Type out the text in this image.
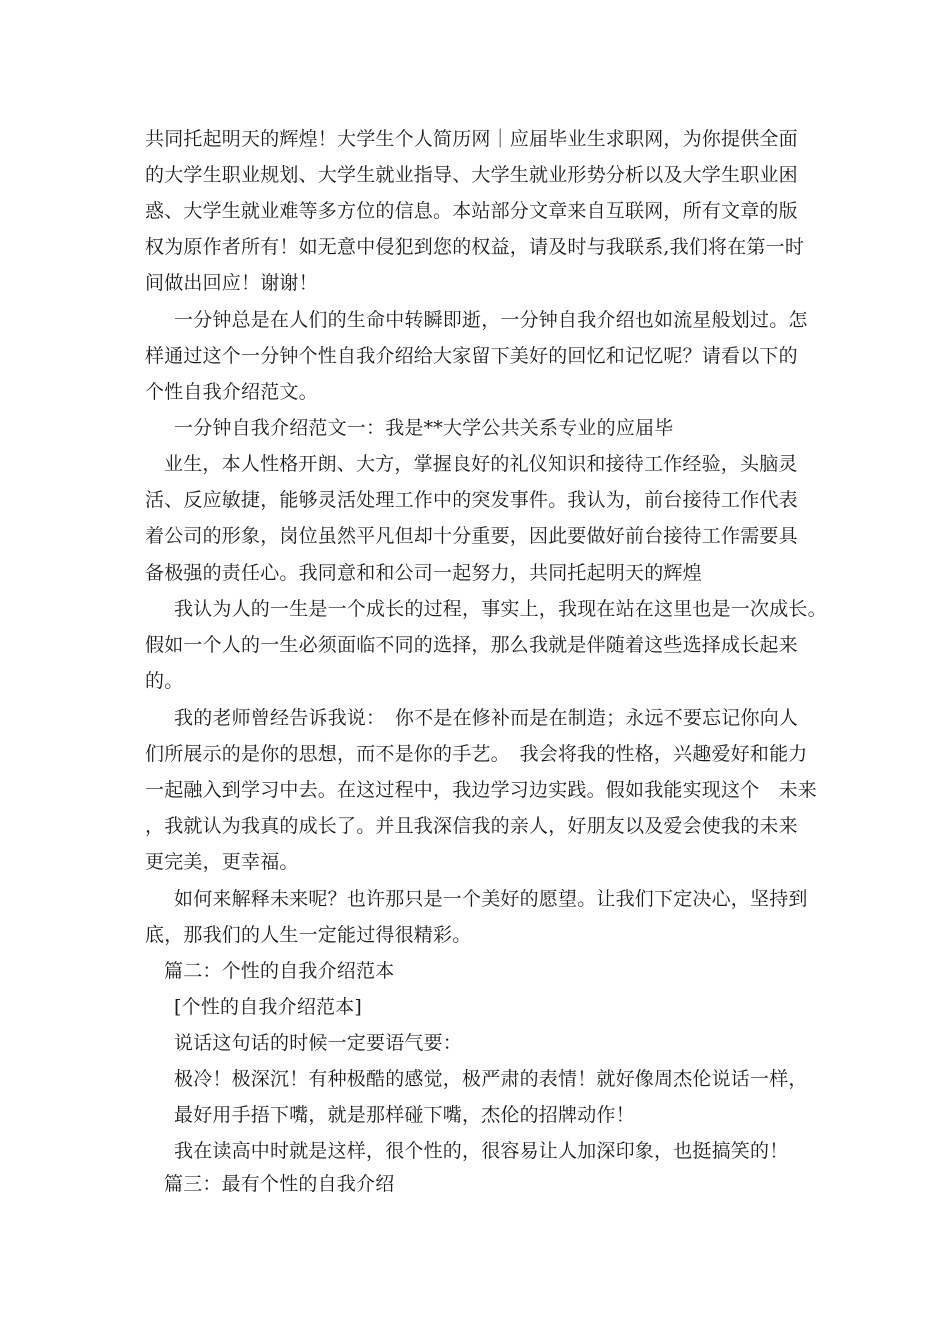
共同托起明天的辉煌！大学生个人简历网｜应届毕业生求职网，为你提供全面
的大学生职业规划、大学生就业指导、大学生就业形势分析以及大学生职业困
惑、大学生就业难等多方位的信息。本站部分文章来自互联网，所有文章的版
权为原作者所有！如无意中侵犯到您的权益，请及时与我联系,我们将在第一时
间做出回应！谢谢！
一分钟总是在人们的生命中转瞬即逝，一分钟自我介绍也如流星般划过。怎
样通过这个一分钟个性自我介绍给大家留下美好的回忆和记忆呢？请看以下的
个性自我介绍范文。
一分钟自我介绍范文一：我是**大学公共关系专业的应届毕
业生，本人性格开朗、大方，掌握良好的礼仪知识和接待工作经验，头脑灵
活、反应敏捷，能够灵活处理工作中的突发事件。我认为，前台接待工作代表
着公司的形象，岗位虽然平凡但却十分重要，因此要做好前台接待工作需要具
备极强的责任心。我同意和和公司一起努力，共同托起明天的辉煌
我认为人的一生是一个成长的过程，事实上，我现在站在这里也是一次成长。
假如一个人的一生必须面临不同的选择，那么我就是伴随着这些选择成长起来
的。
我的老师曾经告诉我说：　你不是在修补而是在制造；永远不要忘记你向人
们所展示的是你的思想，而不是你的手艺。　我会将我的性格，兴趣爱好和能力
一起融入到学习中去。在这过程中，我边学习边实践。假如我能实现这个　未来
，我就认为我真的成长了。并且我深信我的亲人，好朋友以及爱会使我的未来
更完美，更幸福。
如何来解释未来呢？也许那只是一个美好的愿望。让我们下定决心，坚持到
底，那我们的人生一定能过得很精彩。
篇二：个性的自我介绍范本
[个性的自我介绍范本]
说话这句话的时候一定要语气要：
极冷！极深沉！有种极酷的感觉，极严肃的表情！就好像周杰伦说话一样，
最好用手捂下嘴，就是那样碰下嘴，杰伦的招牌动作！
我在读高中时就是这样，很个性的，很容易让人加深印象，也挺搞笑的！
篇三：最有个性的自我介绍
